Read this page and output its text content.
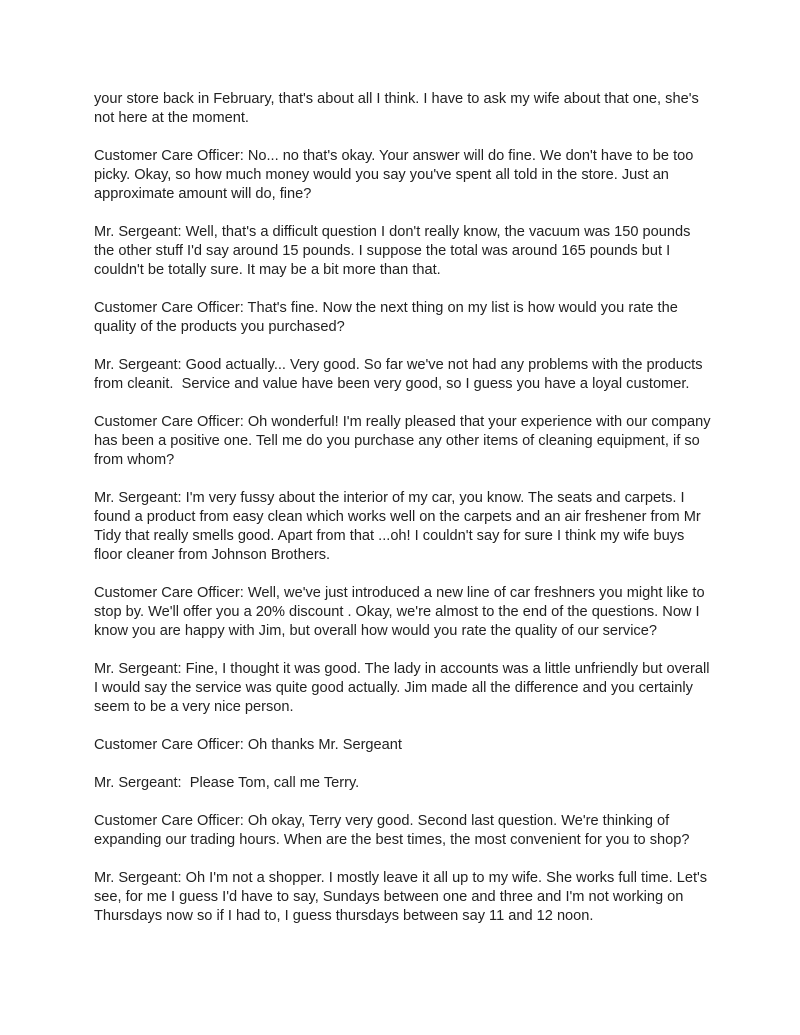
your store back in February, that's about all I think. I have to ask my wife about that one, she's not here at the moment.

Customer Care Officer: No... no that's okay. Your answer will do fine. We don't have to be too picky. Okay, so how much money would you say you've spent all told in the store. Just an approximate amount will do, fine?

Mr. Sergeant: Well, that's a difficult question I don't really know, the vacuum was 150 pounds the other stuff I'd say around 15 pounds. I suppose the total was around 165 pounds but I couldn't be totally sure. It may be a bit more than that.

Customer Care Officer: That's fine. Now the next thing on my list is how would you rate the quality of the products you purchased?

Mr. Sergeant: Good actually... Very good. So far we've not had any problems with the products from cleanit.  Service and value have been very good, so I guess you have a loyal customer.

Customer Care Officer: Oh wonderful! I'm really pleased that your experience with our company has been a positive one. Tell me do you purchase any other items of cleaning equipment, if so from whom?

Mr. Sergeant: I'm very fussy about the interior of my car, you know. The seats and carpets. I found a product from easy clean which works well on the carpets and an air freshener from Mr Tidy that really smells good. Apart from that ...oh! I couldn't say for sure I think my wife buys floor cleaner from Johnson Brothers.

Customer Care Officer: Well, we've just introduced a new line of car freshners you might like to stop by. We'll offer you a 20% discount . Okay, we're almost to the end of the questions. Now I know you are happy with Jim, but overall how would you rate the quality of our service?

Mr. Sergeant: Fine, I thought it was good. The lady in accounts was a little unfriendly but overall I would say the service was quite good actually. Jim made all the difference and you certainly seem to be a very nice person.

Customer Care Officer: Oh thanks Mr. Sergeant

Mr. Sergeant:  Please Tom, call me Terry.

Customer Care Officer: Oh okay, Terry very good. Second last question. We're thinking of expanding our trading hours. When are the best times, the most convenient for you to shop?

Mr. Sergeant: Oh I'm not a shopper. I mostly leave it all up to my wife. She works full time. Let's see, for me I guess I'd have to say, Sundays between one and three and I'm not working on Thursdays now so if I had to, I guess thursdays between say 11 and 12 noon.
